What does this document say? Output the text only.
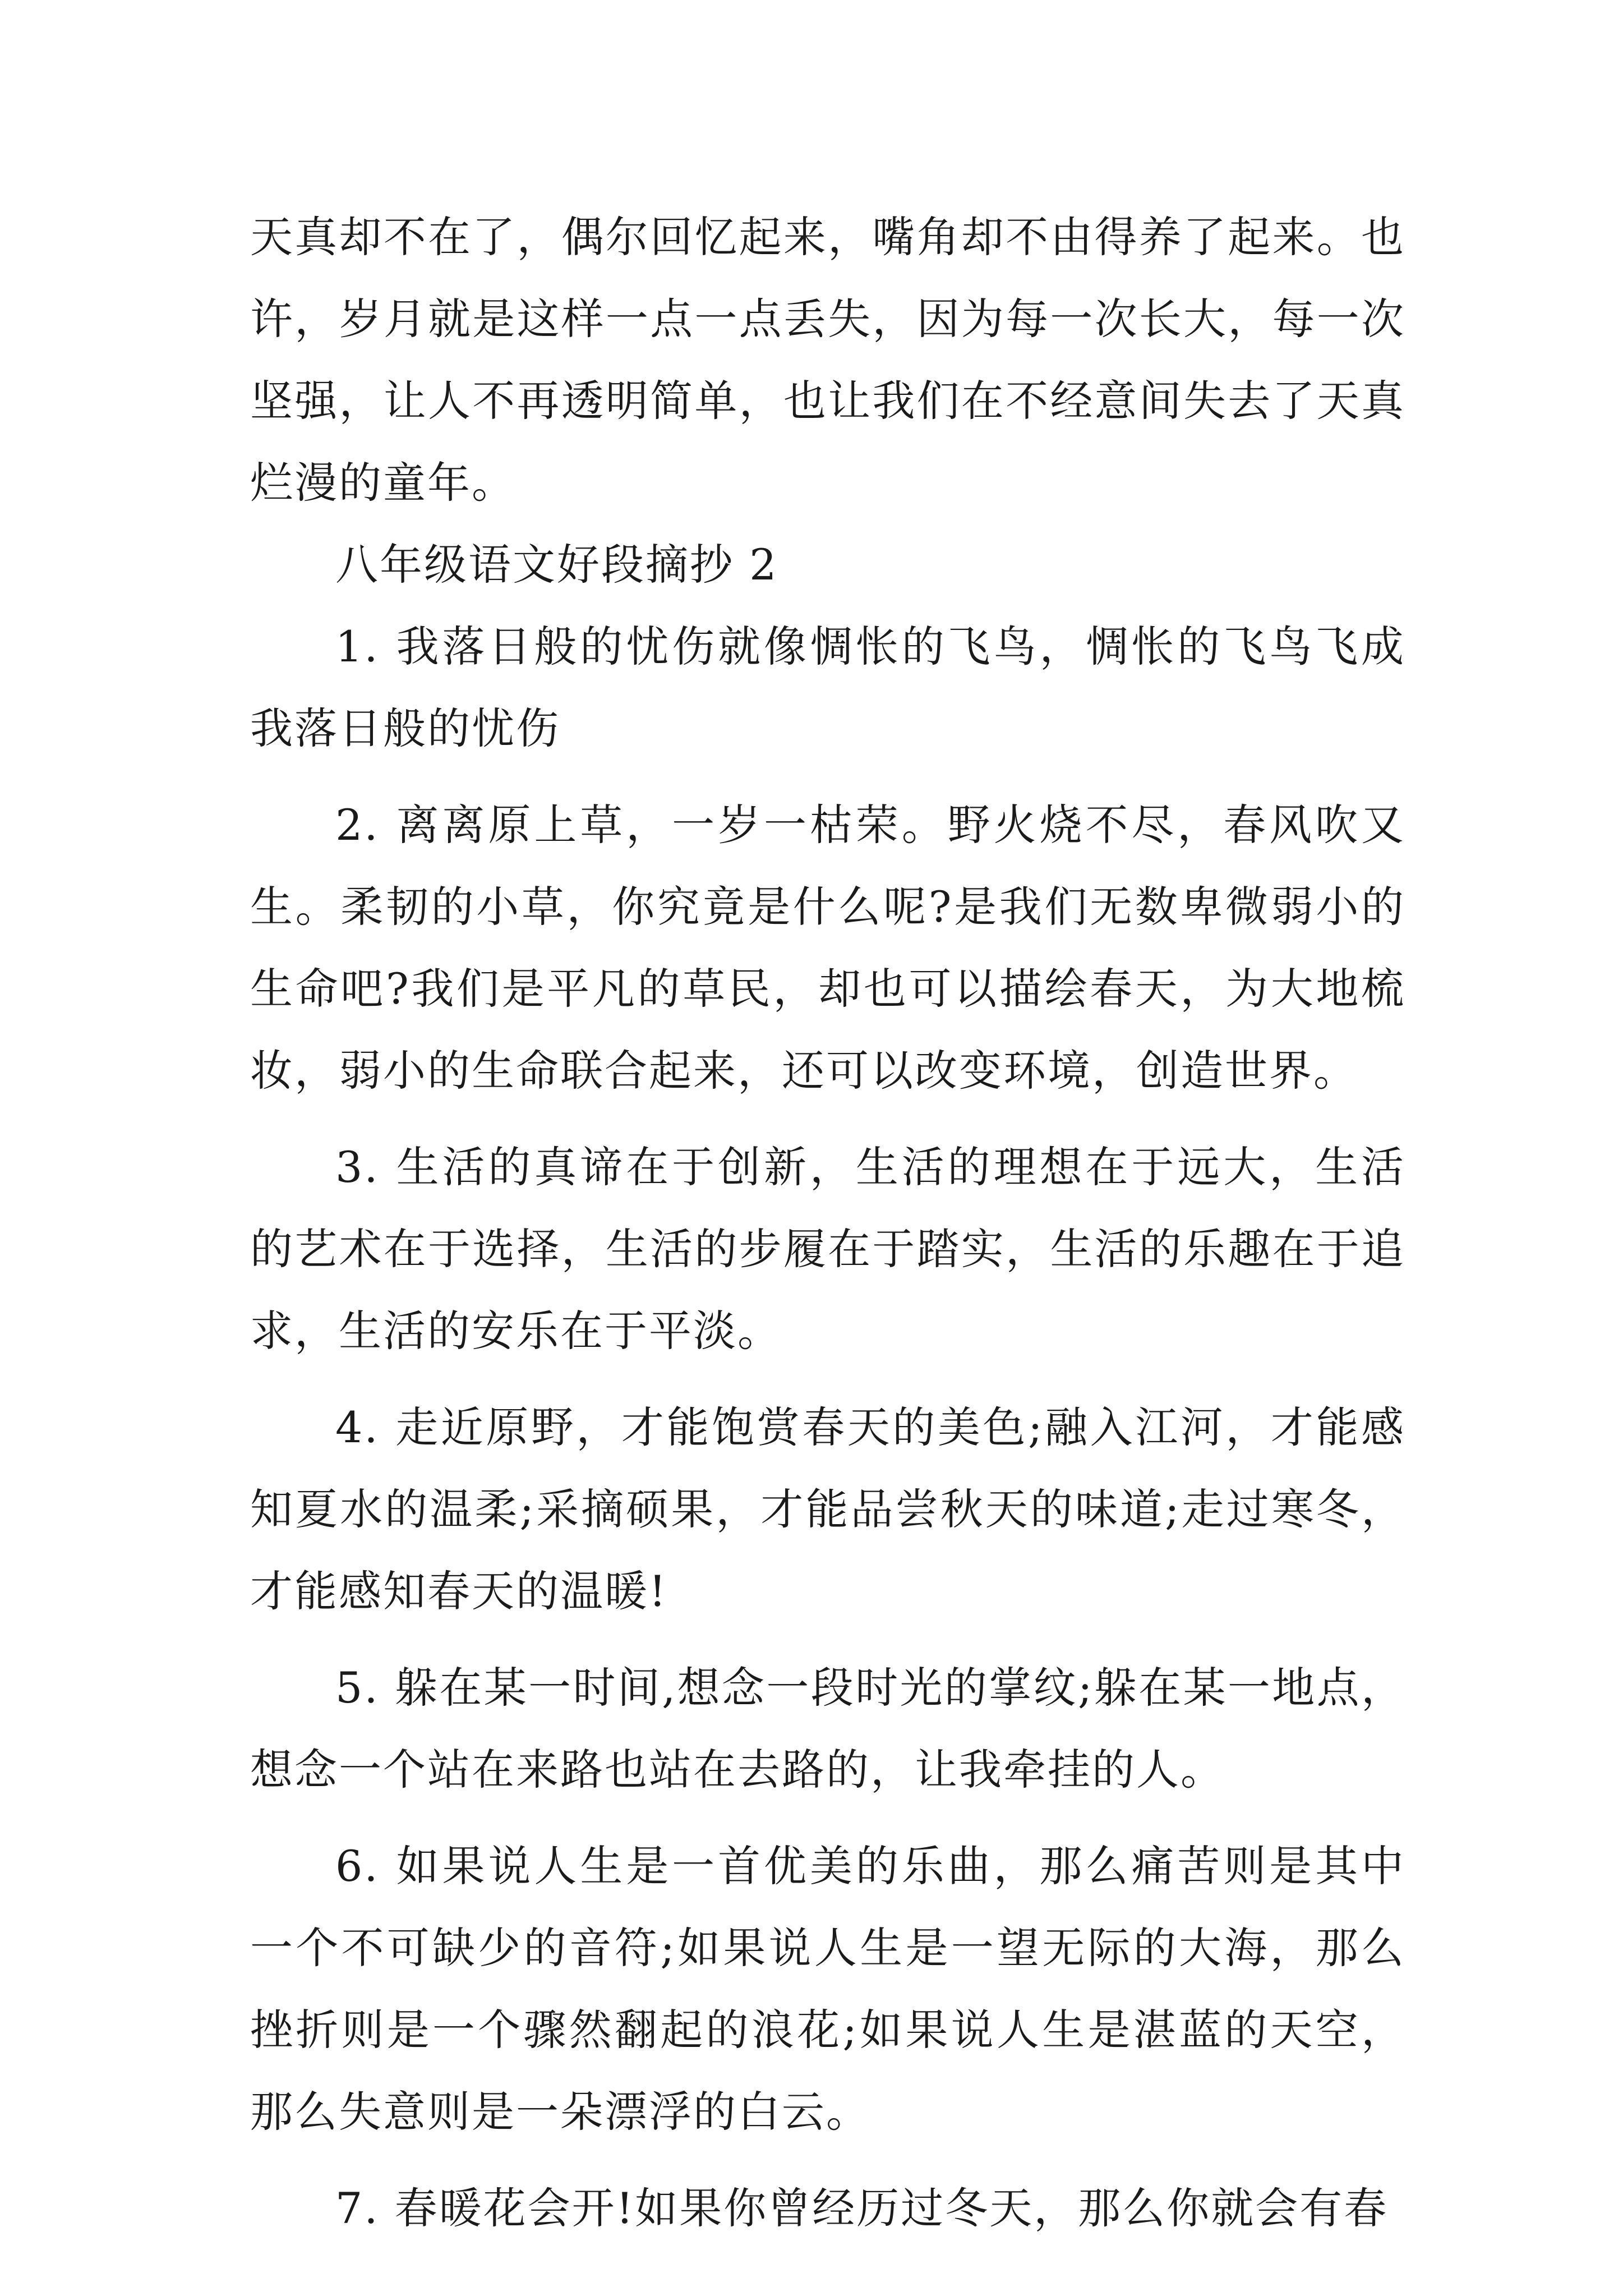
天真却不在了，偶尔回忆起来，嘴角却不由得养了起来。也许，岁月就是这样一点一点丢失，因为每一次长大，每一次坚强，让人不再透明简单，也让我们在不经意间失去了天真烂漫的童年。

八年级语文好段摘抄 2

1. 我落日般的忧伤就像惆怅的飞鸟，惆怅的飞鸟飞成我落日般的忧伤

2. 离离原上草，一岁一枯荣。野火烧不尽，春风吹又生。柔韧的小草，你究竟是什么呢?是我们无数卑微弱小的生命吧?我们是平凡的草民，却也可以描绘春天，为大地梳妆，弱小的生命联合起来，还可以改变环境，创造世界。

3. 生活的真谛在于创新，生活的理想在于远大，生活的艺术在于选择，生活的步履在于踏实，生活的乐趣在于追求，生活的安乐在于平淡。

4. 走近原野，才能饱赏春天的美色;融入江河，才能感知夏水的温柔;采摘硕果，才能品尝秋天的味道;走过寒冬，才能感知春天的温暖!

5. 躲在某一时间,想念一段时光的掌纹;躲在某一地点，想念一个站在来路也站在去路的，让我牵挂的人。

6. 如果说人生是一首优美的乐曲，那么痛苦则是其中一个不可缺少的音符;如果说人生是一望无际的大海，那么挫折则是一个骤然翻起的浪花;如果说人生是湛蓝的天空，那么失意则是一朵漂浮的白云。

7. 春暖花会开!如果你曾经历过冬天，那么你就会有春
